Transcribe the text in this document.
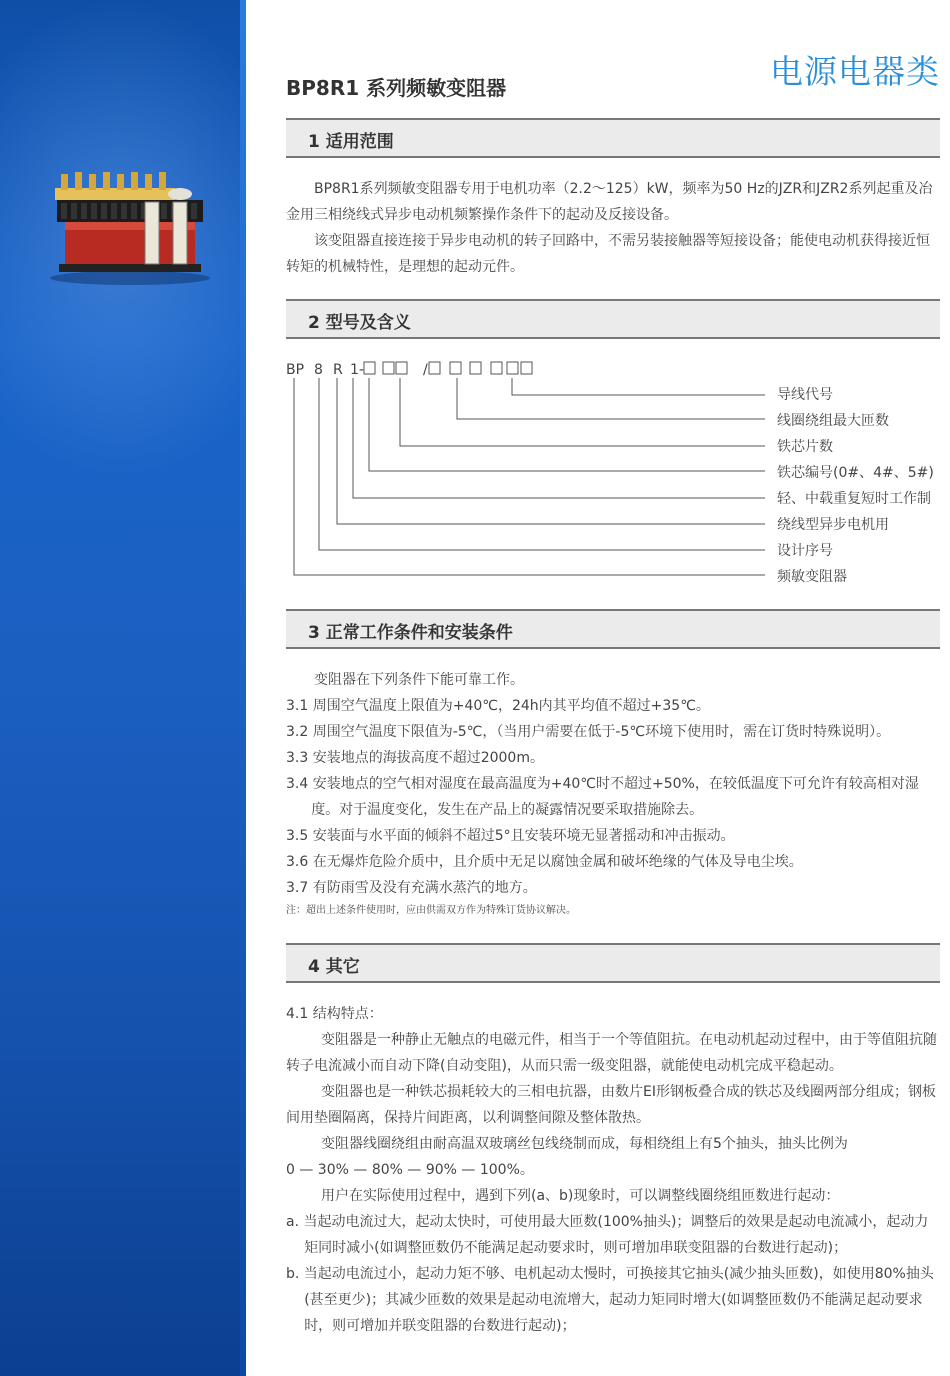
电源电器类
BP8R1 系列频敏变阻器
1 适用范围

BP8R1系列频敏变阻器专用于电机功率（2.2～125）kW，频率为50 Hz的JZR和JZR2系列起重及冶金用三相绕线式异步电动机频繁操作条件下的起动及反接设备。

该变阻器直接连接于异步电动机的转子回路中，不需另装接触器等短接设备；能使电动机获得接近恒转矩的机械特性，是理想的起动元件。

2 型号及含义
BP 8 R 1-	/
导线代号
线圈绕组最大匝数
铁芯片数
铁芯编号(0#、4#、5#)
轻、中载重复短时工作制
绕线型异步电机用
设计序号
频敏变阻器
3 正常工作条件和安装条件

变阻器在下列条件下能可靠工作。

3.1 周围空气温度上限值为+40℃，24h内其平均值不超过+35℃。

3.2 周围空气温度下限值为-5℃，（当用户需要在低于-5℃环境下使用时，需在订货时特殊说明）。

3.3 安装地点的海拔高度不超过2000m。

3.4 安装地点的空气相对湿度在最高温度为+40℃时不超过+50%，在较低温度下可允许有较高相对湿度。对于温度变化，发生在产品上的凝露情况要采取措施除去。

3.5 安装面与水平面的倾斜不超过5°且安装环境无显著摇动和冲击振动。

3.6 在无爆炸危险介质中，且介质中无足以腐蚀金属和破坏绝缘的气体及导电尘埃。

3.7 有防雨雪及没有充满水蒸汽的地方。

注：超出上述条件使用时，应由供需双方作为特殊订货协议解决。

4 其它

4.1 结构特点：

变阻器是一种静止无触点的电磁元件，相当于一个等值阻抗。在电动机起动过程中，由于等值阻抗随转子电流减小而自动下降(自动变阻)，从而只需一级变阻器，就能使电动机完成平稳起动。

变阻器也是一种铁芯损耗较大的三相电抗器，由数片EI形钢板叠合成的铁芯及线圈两部分组成；钢板间用垫圈隔离，保持片间距离，以利调整间隙及整体散热。

变阻器线圈绕组由耐高温双玻璃丝包线绕制而成，每相绕组上有5个抽头，抽头比例为

0 — 30% — 80% — 90% — 100%。

用户在实际使用过程中，遇到下列(a、b)现象时，可以调整线圈绕组匝数进行起动：

a. 当起动电流过大，起动太快时，可使用最大匝数(100%抽头)；调整后的效果是起动电流减小，起动力矩同时减小(如调整匝数仍不能满足起动要求时，则可增加串联变阻器的台数进行起动)；

b. 当起动电流过小，起动力矩不够、电机起动太慢时，可换接其它抽头(减少抽头匝数)，如使用80%抽头(甚至更少)；其减少匝数的效果是起动电流增大，起动力矩同时增大(如调整匝数仍不能满足起动要求时，则可增加并联变阻器的台数进行起动)；
